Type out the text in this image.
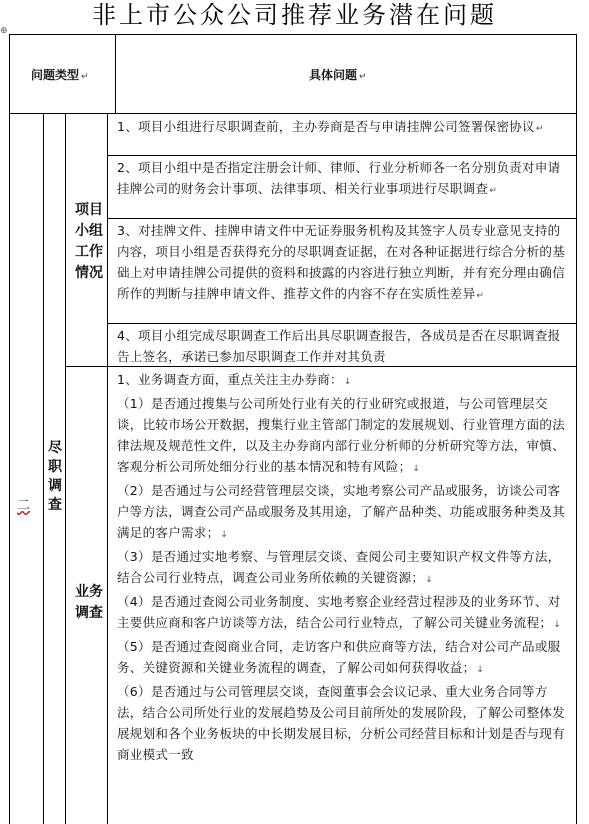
非上市公众公司推荐业务潜在问题
⊕
问题类型 ↵	具体问题 ↵
二
尽职调查
项目小组工作情况
业务调查
1、项目小组进行尽职调查前，主办券商是否与申请挂牌公司签署保密协议↵
2、项目小组中是否指定注册会计师、律师、行业分析师各一名分别负责对申请挂牌公司的财务会计事项、法律事项、相关行业事项进行尽职调查↵
3、对挂牌文件、挂牌申请文件中无证券服务机构及其签字人员专业意见支持的内容，项目小组是否获得充分的尽职调查证据，在对各种证据进行综合分析的基础上对申请挂牌公司提供的资料和披露的内容进行独立判断，并有充分理由确信所作的判断与挂牌申请文件、推荐文件的内容不存在实质性差异↵
4、项目小组完成尽职调查工作后出具尽职调查报告，各成员是否在尽职调查报告上签名，承诺已参加尽职调查工作并对其负责
1、业务调查方面，重点关注主办券商：↓
（1）是否通过搜集与公司所处行业有关的行业研究或报道，与公司管理层交谈，比较市场公开数据，搜集行业主管部门制定的发展规划、行业管理方面的法律法规及规范性文件，以及主办券商内部行业分析师的分析研究等方法，审慎、客观分析公司所处细分行业的基本情况和特有风险；↓
（2）是否通过与公司经营管理层交谈，实地考察公司产品或服务，访谈公司客户等方法，调查公司产品或服务及其用途，了解产品种类、功能或服务种类及其满足的客户需求；↓
（3）是否通过实地考察、与管理层交谈、查阅公司主要知识产权文件等方法，结合公司行业特点，调查公司业务所依赖的关键资源；↓
（4）是否通过查阅公司业务制度、实地考察企业经营过程涉及的业务环节、对主要供应商和客户访谈等方法，结合公司行业特点，了解公司关键业务流程；↓
（5）是否通过查阅商业合同，走访客户和供应商等方法，结合对公司产品或服务、关键资源和关键业务流程的调查，了解公司如何获得收益；↓
（6）是否通过与公司管理层交谈，查阅董事会会议记录、重大业务合同等方法，结合公司所处行业的发展趋势及公司目前所处的发展阶段，了解公司整体发展规划和各个业务板块的中长期发展目标，分析公司经营目标和计划是否与现有商业模式一致
